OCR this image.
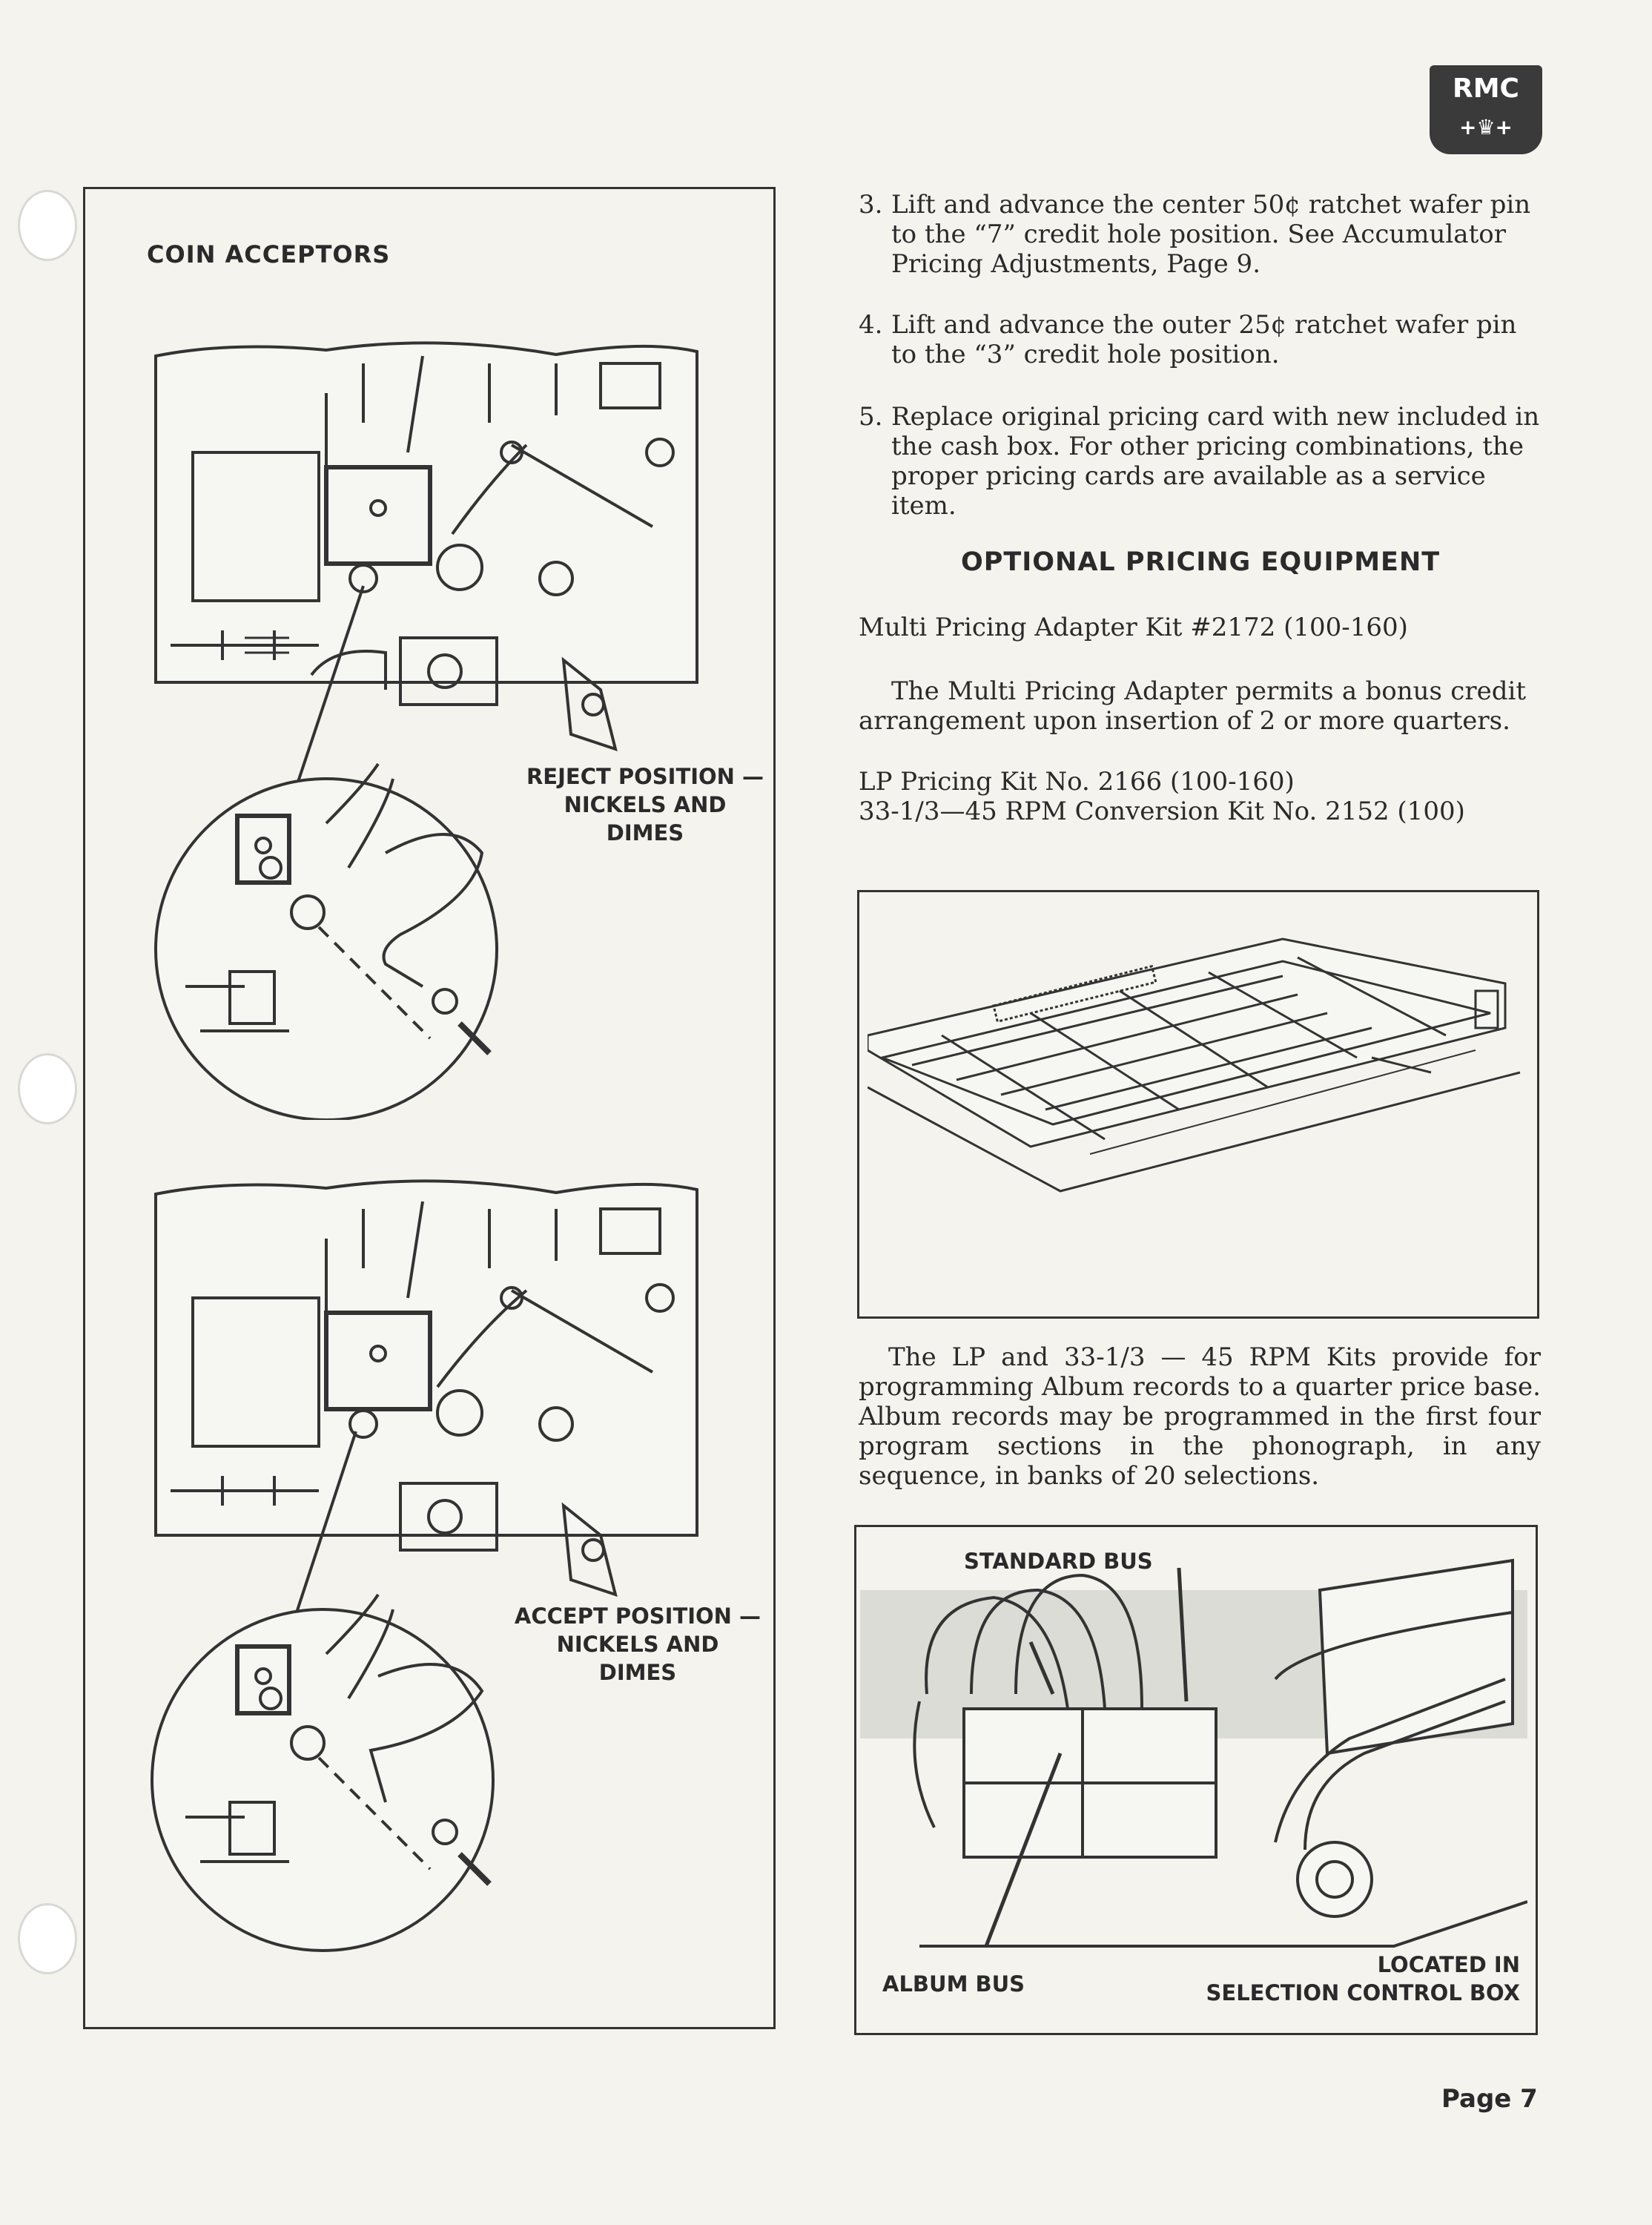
RMC
+♛+
COIN ACCEPTORS
REJECT POSITION —
NICKELS AND
DIMES
ACCEPT POSITION —
NICKELS AND
DIMES
3. Lift and advance the center 50¢ ratchet wafer pin to the “7” credit hole position. See Accumulator Pricing Adjustments, Page 9.
4. Lift and advance the outer 25¢ ratchet wafer pin to the “3” credit hole position.
5. Replace original pricing card with new included in the cash box. For other pricing combinations, the proper pricing cards are available as a service item.
OPTIONAL PRICING EQUIPMENT
Multi Pricing Adapter Kit #2172 (100-160)
The Multi Pricing Adapter permits a bonus credit arrangement upon insertion of 2 or more quarters.
LP Pricing Kit No. 2166 (100-160)
33-1/3—45 RPM Conversion Kit No. 2152 (100)
The LP and 33-1/3 — 45 RPM Kits provide for programming Album records to a quarter price base. Album records may be programmed in the first four program sections in the phonograph, in any sequence, in banks of 20 selections.
STANDARD BUS
ALBUM BUS
LOCATED IN
SELECTION CONTROL BOX
Page 7
